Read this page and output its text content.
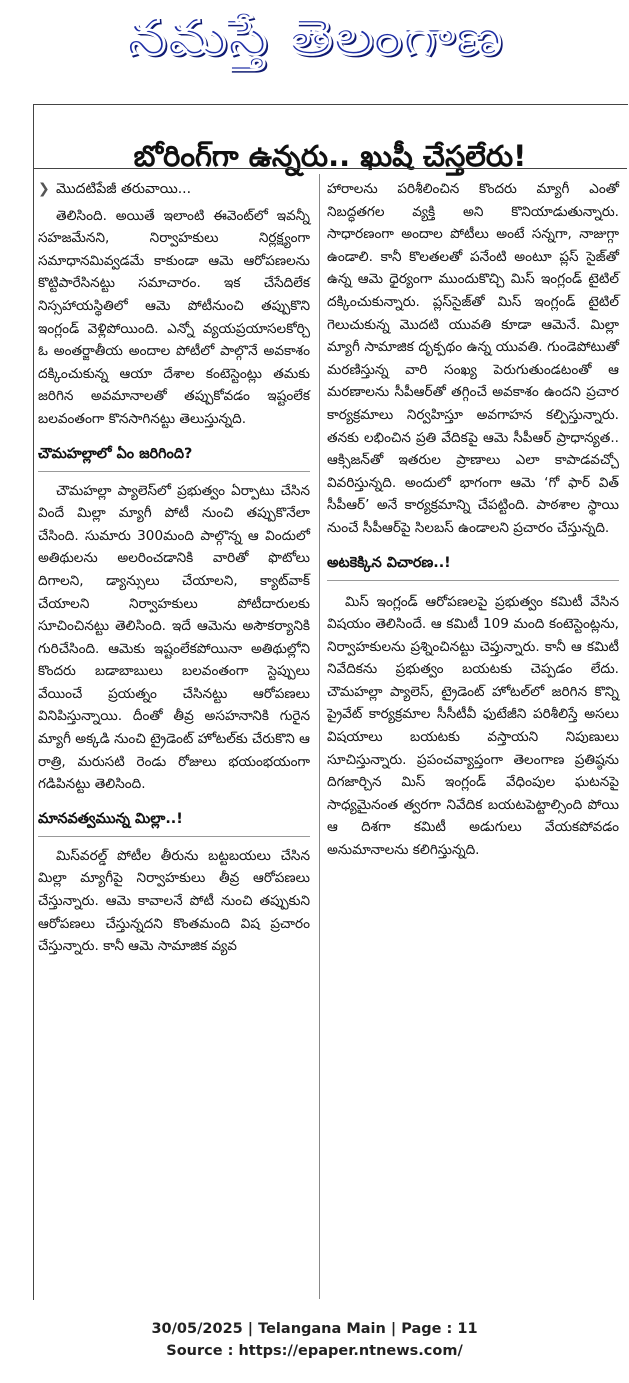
నమస్తే తెలంగాణ
బోరింగ్‌గా ఉన్నరు.. ఖుషీ చేస్తలేరు!
❯ మొదటిపేజీ తరువాయి...

తెలిసింది. అయితే ఇలాంటి ఈవెంట్‌లో ఇవన్నీ సహజమేనని, నిర్వాహకులు నిర్లక్ష్యంగా సమాధానమివ్వడమే కాకుండా ఆమె ఆరోపణలను కొట్టిపారేసినట్టు సమాచారం. ఇక చేసేదిలేక నిస్సహాయస్థితిలో ఆమె పోటీనుంచి తప్పుకొని ఇంగ్లండ్ వెళ్లిపోయింది. ఎన్నో వ్యయప్రయాసలకోర్చి ఓ అంతర్జాతీయ అందాల పోటీలో పాల్గొనే అవకాశం దక్కించుకున్న ఆయా దేశాల కంటెస్టెంట్లు తమకు జరిగిన అవమానాలతో తప్పుకోవడం ఇష్టంలేక బలవంతంగా కొనసాగినట్టు తెలుస్తున్నది.

చౌమహల్లాలో ఏం జరిగింది?

చౌమహల్లా ప్యాలెస్‌లో ప్రభుత్వం ఏర్పాటు చేసిన విందే మిల్లా మ్యాగీ పోటీ నుంచి తప్పుకొనేలా చేసింది. సుమారు 300మంది పాల్గొన్న ఆ విందులో అతిథులను అలరించడానికి వారితో ఫొటోలు దిగాలని, డ్యాన్సులు చేయాలని, క్యాట్‌వాక్ చేయాలని నిర్వాహకులు పోటీదారులకు సూచించినట్టు తెలిసింది. ఇదే ఆమెను అసౌకర్యానికి గురిచేసింది. ఆమెకు ఇష్టంలేకపోయినా అతిథుల్లోని కొందరు బడాబాబులు బలవంతంగా స్టెప్పులు వేయించే ప్రయత్నం చేసినట్టు ఆరోపణలు వినిపిస్తున్నాయి. దీంతో తీవ్ర అసహనానికి గురైన మ్యాగీ అక్కడి నుంచి ట్రైడెంట్ హోటల్‌కు చేరుకొని ఆ రాత్రి, మరుసటి రెండు రోజులు భయంభయంగా గడిపినట్టు తెలిసింది.

మానవత్వమున్న మిల్లా..!

మిస్‌వరల్డ్ పోటీల తీరును బట్టబయలు చేసిన మిల్లా మ్యాగీపై నిర్వాహకులు తీవ్ర ఆరోపణలు చేస్తున్నారు. ఆమె కావాలనే పోటీ నుంచి తప్పుకుని ఆరోపణలు చేస్తున్నదని కొంతమంది విష ప్రచారం చేస్తున్నారు. కానీ ఆమె సామాజిక వ్యవ

హారాలను పరిశీలించిన కొందరు మ్యాగీ ఎంతో నిబద్ధతగల వ్యక్తి అని కొనియాడుతున్నారు. సాధారణంగా అందాల పోటీలు అంటే సన్నగా, నాజుగ్గా ఉండాలి. కానీ కొలతలతో పనేంటి అంటూ ప్లస్ సైజ్‌తో ఉన్న ఆమె ధైర్యంగా ముందుకొచ్చి మిస్ ఇంగ్లండ్ టైటిల్ దక్కించుకున్నారు. ప్లస్‌సైజ్‌తో మిస్ ఇంగ్లండ్ టైటిల్ గెలుచుకున్న మొదటి యువతి కూడా ఆమెనే. మిల్లా మ్యాగీ సామాజిక దృక్పథం ఉన్న యువతి. గుండెపోటుతో మరణిస్తున్న వారి సంఖ్య పెరుగుతుండటంతో ఆ మరణాలను సీపీఆర్‌తో తగ్గించే అవకాశం ఉందని ప్రచార కార్యక్రమాలు నిర్వహిస్తూ అవగాహన కల్పిస్తున్నారు. తనకు లభించిన ప్రతి వేదికపై ఆమె సీపీఆర్ ప్రాధాన్యత.. ఆక్సిజన్‌తో ఇతరుల ప్రాణాలు ఎలా కాపాడవచ్చో వివరిస్తున్నది. అందులో భాగంగా ఆమె ‘గో ఫార్ విత్ సీపీఆర్’ అనే కార్యక్రమాన్ని చేపట్టింది. పాఠశాల స్థాయి నుంచే సీపీఆర్‌పై సిలబస్ ఉండాలని ప్రచారం చేస్తున్నది.

అటకెక్కిన విచారణ..!

మిస్ ఇంగ్లండ్ ఆరోపణలపై ప్రభుత్వం కమిటీ వేసిన విషయం తెలిసిందే. ఆ కమిటీ 109 మంది కంటెస్టెంట్లను, నిర్వాహకులను ప్రశ్నించినట్టు చెప్తున్నారు. కానీ ఆ కమిటీ నివేదికను ప్రభుత్వం బయటకు చెప్పడం లేదు. చౌమహల్లా ప్యాలెస్, ట్రైడెంట్ హోటల్‌లో జరిగిన కొన్ని ప్రైవేట్ కార్యక్రమాల సీసీటీవీ ఫుటేజీని పరిశీలిస్తే అసలు విషయాలు బయటకు వస్తాయని నిపుణులు సూచిస్తున్నారు. ప్రపంచవ్యాప్తంగా తెలంగాణ ప్రతిష్ఠను దిగజార్చిన మిస్ ఇంగ్లండ్ వేధింపుల ఘటనపై సాధ్యమైనంత త్వరగా నివేదిక బయటపెట్టాల్సింది పోయి ఆ దిశగా కమిటీ అడుగులు వేయకపోవడం అనుమానాలను కలిగిస్తున్నది.

30/05/2025 | Telangana Main | Page : 11
Source : https://epaper.ntnews.com/
